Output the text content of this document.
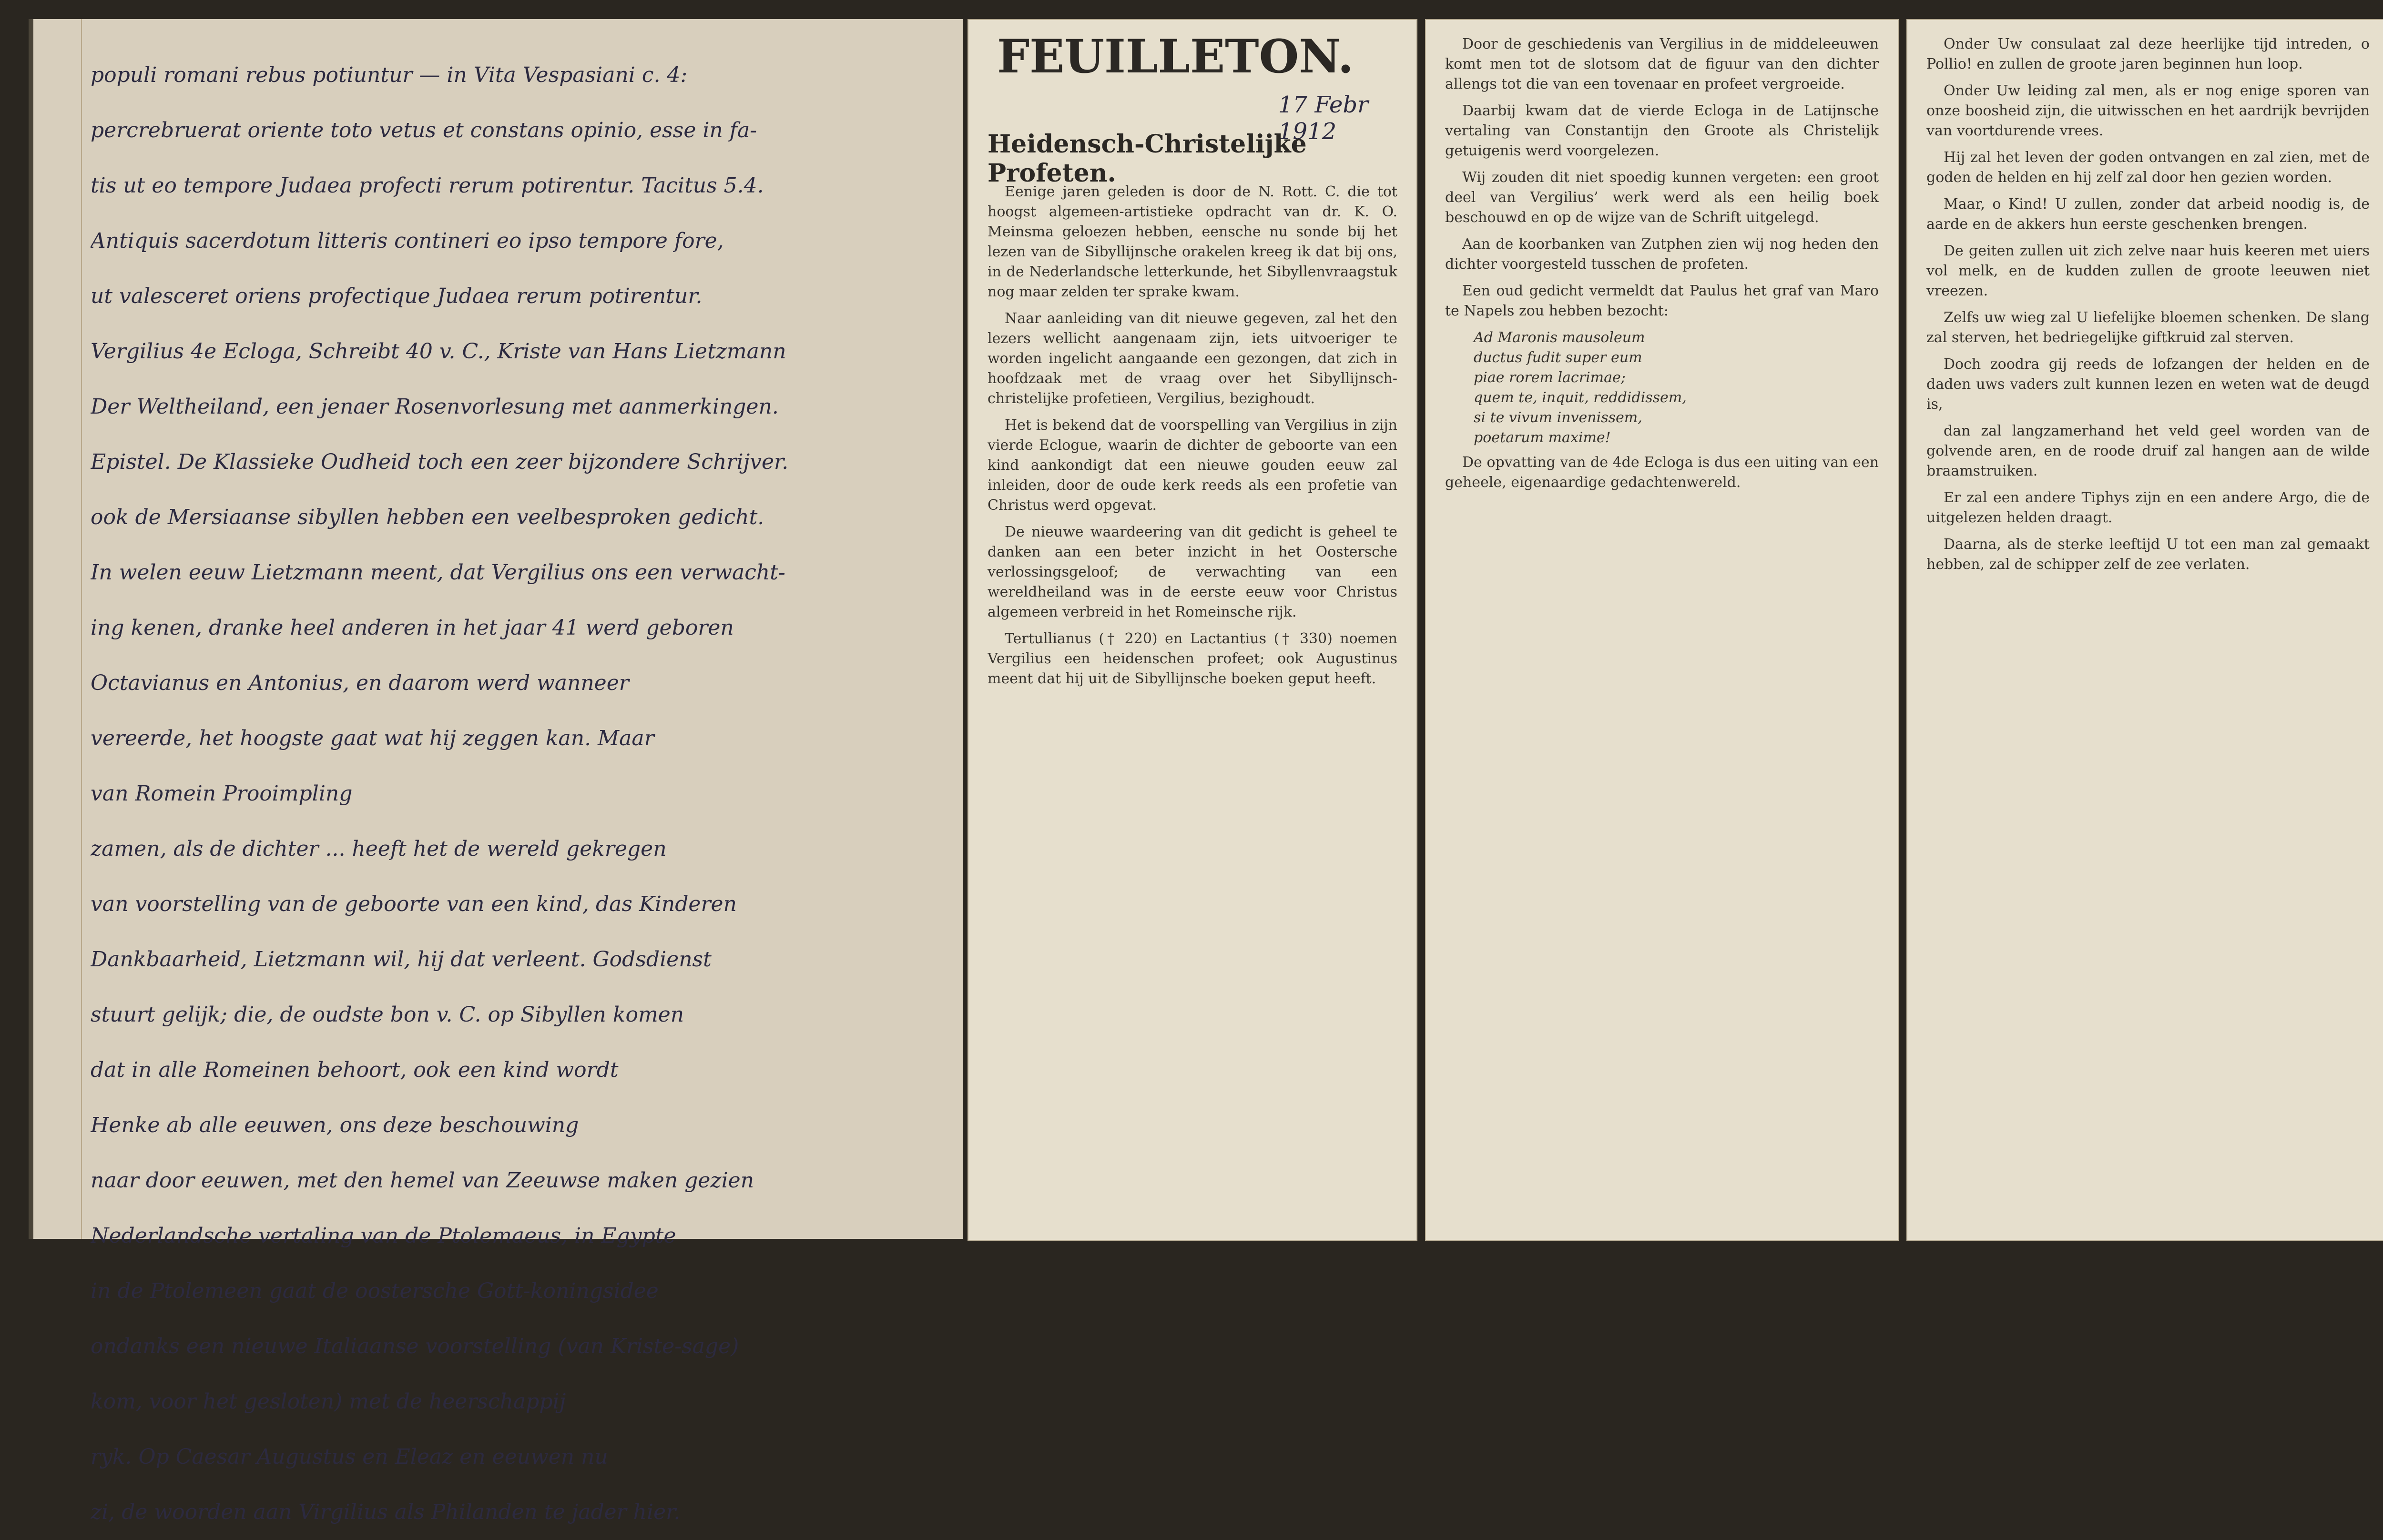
populi romani rebus potiuntur — in Vita Vespasiani c. 4:
percrebruerat oriente toto vetus et constans opinio, esse in fa-
tis ut eo tempore Judaea profecti rerum potirentur. Tacitus 5.4.
Antiquis sacerdotum litteris contineri eo ipso tempore fore,
ut valesceret oriens profectique Judaea rerum potirentur.
Vergilius 4e Ecloga, Schreibt 40 v. C., Kriste van Hans Lietzmann
Der Weltheiland, een jenaer Rosenvorlesung met aanmerkingen.
Epistel. De Klassieke Oudheid toch een zeer bijzondere Schrijver.
ook de Mersiaanse sibyllen hebben een veelbesproken gedicht.
In welen eeuw Lietzmann meent, dat Vergilius ons een verwacht-
ing kenen, dranke heel anderen in het jaar 41 werd geboren
Octavianus en Antonius, en daarom werd wanneer
vereerde, het hoogste gaat wat hij zeggen kan. Maar
van Romein Prooimpling
zamen, als de dichter ... heeft het de wereld gekregen
van voorstelling van de geboorte van een kind, das Kinderen
Dankbaarheid, Lietzmann wil, hij dat verleent. Godsdienst
stuurt gelijk; die, de oudste bon v. C. op Sibyllen komen
dat in alle Romeinen behoort, ook een kind wordt
Henke ab alle eeuwen, ons deze beschouwing
naar door eeuwen, met den hemel van Zeeuwse maken gezien
Nederlandsche vertaling van de Ptolemaeus, in Egypte
in de Ptolemeen gaat de oostersche Gott-koningsidee
ondanks een nieuwe Italiaanse voorstelling (van Kriste-sage)
kom, voor het gesloten) met de heerschappij
ryk. Op Caesar Augustus en Eleaz en eeuwen nu
zi, de woorden aan Virgilius als Philanden te jader hier.
FEUILLETON.
17 Febr 1912
Heidensch-Christelijke Profeten.

Eenige jaren geleden is door de N. Rott. C. die tot hoogst algemeen-artistieke opdracht van dr. K. O. Meinsma geloezen hebben, eensche nu sonde bij het lezen van de Sibyllijnsche orakelen kreeg ik dat bij ons, in de Nederlandsche letterkunde, het Sibyllenvraagstuk nog maar zelden ter sprake kwam.

Naar aanleiding van dit nieuwe gegeven, zal het den lezers wellicht aangenaam zijn, iets uitvoeriger te worden ingelicht aangaande een gezongen, dat zich in hoofdzaak met de vraag over het Sibyllijnsch-christelijke profetieen, Vergilius, bezighoudt.

Het is bekend dat de voorspelling van Vergilius in zijn vierde Eclogue, waarin de dichter de geboorte van een kind aankondigt dat een nieuwe gouden eeuw zal inleiden, door de oude kerk reeds als een profetie van Christus werd opgevat.

De nieuwe waardeering van dit gedicht is geheel te danken aan een beter inzicht in het Oostersche verlossingsgeloof; de verwachting van een wereldheiland was in de eerste eeuw voor Christus algemeen verbreid in het Romeinsche rijk.

Tertullianus († 220) en Lactantius († 330) noemen Vergilius een heidenschen profeet; ook Augustinus meent dat hij uit de Sibyllijnsche boeken geput heeft.

Door de geschiedenis van Vergilius in de middeleeuwen komt men tot de slotsom dat de figuur van den dichter allengs tot die van een tovenaar en profeet vergroeide.

Daarbij kwam dat de vierde Ecloga in de Latijnsche vertaling van Constantijn den Groote als Christelijk getuigenis werd voorgelezen.

Wij zouden dit niet spoedig kunnen vergeten: een groot deel van Vergilius’ werk werd als een heilig boek beschouwd en op de wijze van de Schrift uitgelegd.

Aan de koorbanken van Zutphen zien wij nog heden den dichter voorgesteld tusschen de profeten.

Een oud gedicht vermeldt dat Paulus het graf van Maro te Napels zou hebben bezocht:

Ad Maronis mausoleum
ductus fudit super eum
piae rorem lacrimae;
quem te, inquit, reddidissem,
si te vivum invenissem,
poetarum maxime!

De opvatting van de 4de Ecloga is dus een uiting van een geheele, eigenaardige gedachtenwereld.

Onder Uw consulaat zal deze heerlijke tijd intreden, o Pollio! en zullen de groote jaren beginnen hun loop.

Onder Uw leiding zal men, als er nog enige sporen van onze boosheid zijn, die uitwisschen en het aardrijk bevrijden van voortdurende vrees.

Hij zal het leven der goden ontvangen en zal zien, met de goden de helden en hij zelf zal door hen gezien worden.

Maar, o Kind! U zullen, zonder dat arbeid noodig is, de aarde en de akkers hun eerste geschenken brengen.

De geiten zullen uit zich zelve naar huis keeren met uiers vol melk, en de kudden zullen de groote leeuwen niet vreezen.

Zelfs uw wieg zal U liefelijke bloemen schenken. De slang zal sterven, het bedriegelijke giftkruid zal sterven.

Doch zoodra gij reeds de lofzangen der helden en de daden uws vaders zult kunnen lezen en weten wat de deugd is,

dan zal langzamerhand het veld geel worden van de golvende aren, en de roode druif zal hangen aan de wilde braamstruiken.

Er zal een andere Tiphys zijn en een andere Argo, die de uitgelezen helden draagt.

Daarna, als de sterke leeftijd U tot een man zal gemaakt hebben, zal de schipper zelf de zee verlaten.
